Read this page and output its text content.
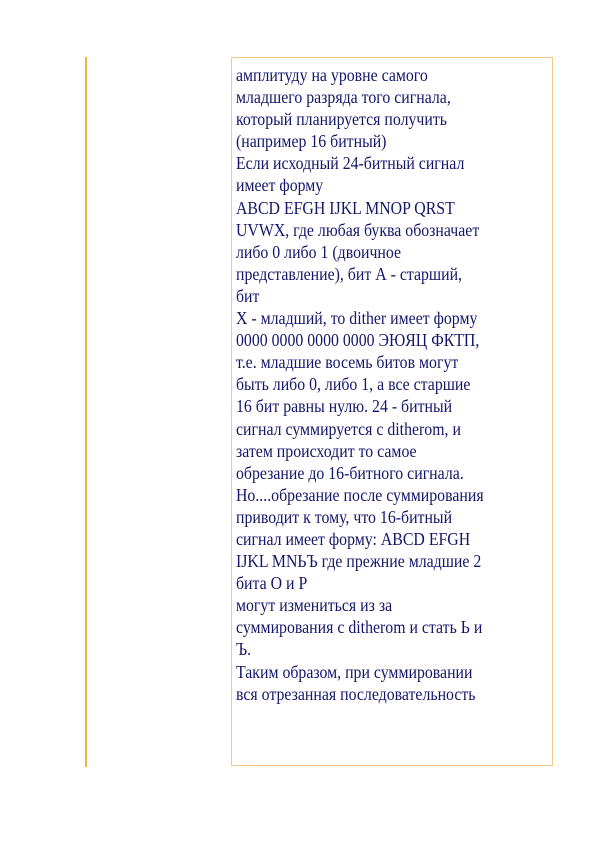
амплитуду на уровне самого
младшего разряда того сигнала,
который планируется получить
(например 16 битный)
Если исходный 24-битный сигнал
имеет форму
ABCD EFGH IJKL MNOP QRST
UVWX, где любая буква обозначает
либо 0 либо 1 (двоичное
представление), бит А - старший,
бит
X - младший, то dither имеет форму
0000 0000 0000 0000 ЭЮЯЦ ФКТП,
т.е. младшие восемь битов могут
быть либо 0, либо 1, а все старшие
16 бит равны нулю. 24 - битный
сигнал суммируется с ditherom, и
затем происходит то самое
обрезание до 16-битного сигнала.
Но....обрезание после суммирования
приводит к тому, что 16-битный
сигнал имеет форму: ABCD EFGH
IJKL MNЬЪ где прежние младшие 2
бита О и Р
могут измениться из за
суммирования с ditherom и стать Ь и
Ъ.
Таким образом, при суммировании
вся отрезанная последовательность
